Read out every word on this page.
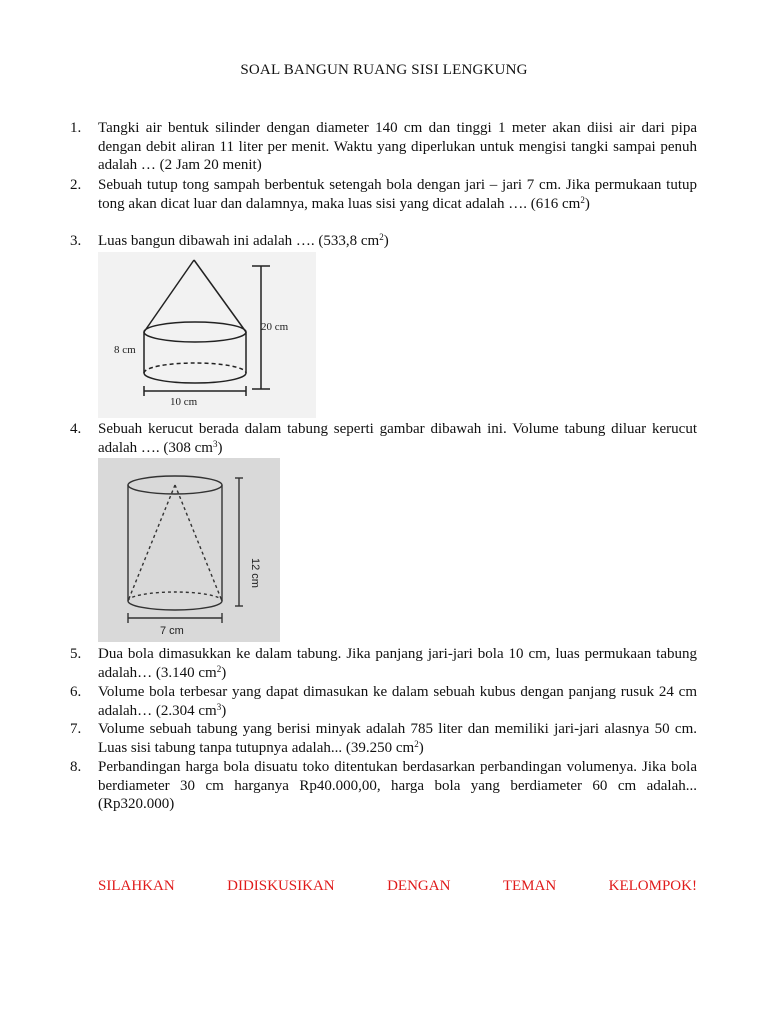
SOAL BANGUN RUANG SISI LENGKUNG
1. Tangki air bentuk silinder dengan diameter 140 cm dan tinggi 1 meter akan diisi air dari pipa dengan debit aliran 11 liter per menit. Waktu yang diperlukan untuk mengisi tangki sampai penuh adalah … (2 Jam 20 menit)
2. Sebuah tutup tong sampah berbentuk setengah bola dengan jari – jari 7 cm. Jika permukaan tutup tong akan dicat luar dan dalamnya, maka luas sisi yang dicat adalah …. (616 $cm^2$)
3. Luas bangun dibawah ini adalah …. (533,8 $cm^2$)
20 cm
8 cm
10 cm
4. Sebuah kerucut berada dalam tabung seperti gambar dibawah ini. Volume tabung diluar kerucut adalah …. (308 $cm^3$)
12 cm
7 cm
5. Dua bola dimasukkan ke dalam tabung. Jika panjang jari-jari bola 10 cm, luas permukaan tabung adalah… (3.140 $cm^2$)
6. Volume bola terbesar yang dapat dimasukan ke dalam sebuah kubus dengan panjang rusuk 24 cm adalah… (2.304 $cm^3$)
7. Volume sebuah tabung yang berisi minyak adalah 785 liter dan memiliki jari-jari alasnya 50 cm. Luas sisi tabung tanpa tutupnya adalah... (39.250 $cm^2$)
8. Perbandingan harga bola disuatu toko ditentukan berdasarkan perbandingan volumenya. Jika bola berdiameter 30 cm harganya Rp40.000,00, harga bola yang berdiameter 60 cm adalah... (Rp320.000)
SILAHKAN	DIDISKUSIKAN	DENGAN	TEMAN	KELOMPOK!
